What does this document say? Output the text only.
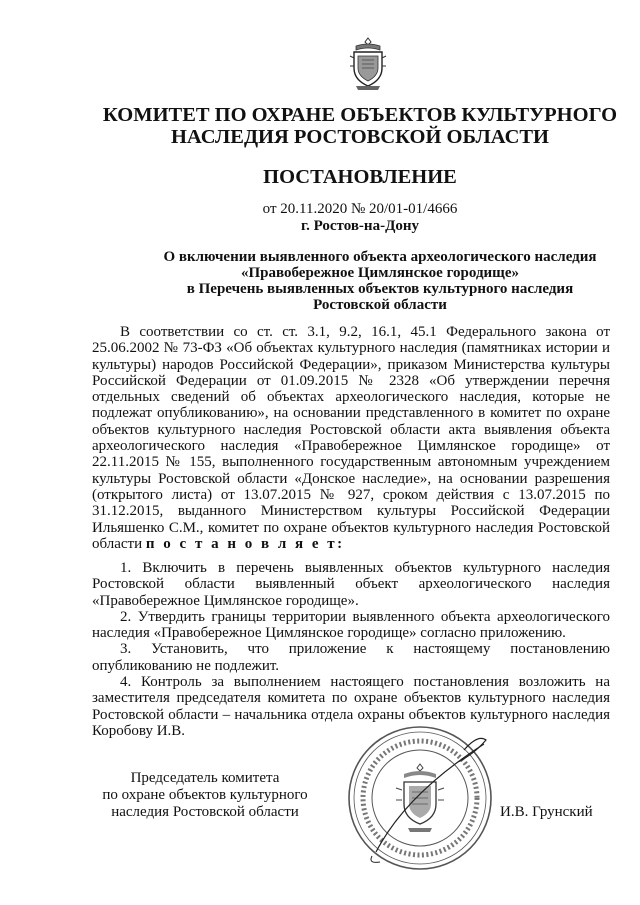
КОМИТЕТ ПО ОХРАНЕ ОБЪЕКТОВ КУЛЬТУРНОГО
НАСЛЕДИЯ РОСТОВСКОЙ ОБЛАСТИ
ПОСТАНОВЛЕНИЕ
от 20.11.2020 № 20/01-01/4666
г. Ростов-на-Дону
О включении выявленного объекта археологического наследия
«Правобережное Цимлянское городище»
в Перечень выявленных объектов культурного наследия
Ростовской области
В соответствии со ст. ст. 3.1, 9.2, 16.1, 45.1 Федерального закона от 25.06.2002 № 73-ФЗ «Об объектах культурного наследия (памятниках истории и культуры) народов Российской Федерации», приказом Министерства культуры Российской Федерации от 01.09.2015 № 2328 «Об утверждении перечня отдельных сведений об объектах археологического наследия, которые не подлежат опубликованию», на основании представленного в комитет по охране объектов культурного наследия Ростовской области акта выявления объекта археологического наследия «Правобережное Цимлянское городище» от 22.11.2015 № 155, выполненного государственным автономным учреждением культуры Ростовской области «Донское наследие», на основании разрешения (открытого листа) от 13.07.2015 № 927, сроком действия с 13.07.2015 по 31.12.2015, выданного Министерством культуры Российской Федерации Ильяшенко С.М., комитет по охране объектов культурного наследия Ростовской области п о с т а н о в л я е т:

1. Включить в перечень выявленных объектов культурного наследия Ростовской области выявленный объект археологического наследия «Правобережное Цимлянское городище».

2. Утвердить границы территории выявленного объекта археологического наследия «Правобережное Цимлянское городище» согласно приложению.

3. Установить, что приложение к настоящему постановлению опубликованию не подлежит.

4. Контроль за выполнением настоящего постановления возложить на заместителя председателя комитета по охране объектов культурного наследия Ростовской области – начальника отдела охраны объектов культурного наследия Коробову И.В.

Председатель комитета
по охране объектов культурного
наследия Ростовской области	И.В. Грунский
